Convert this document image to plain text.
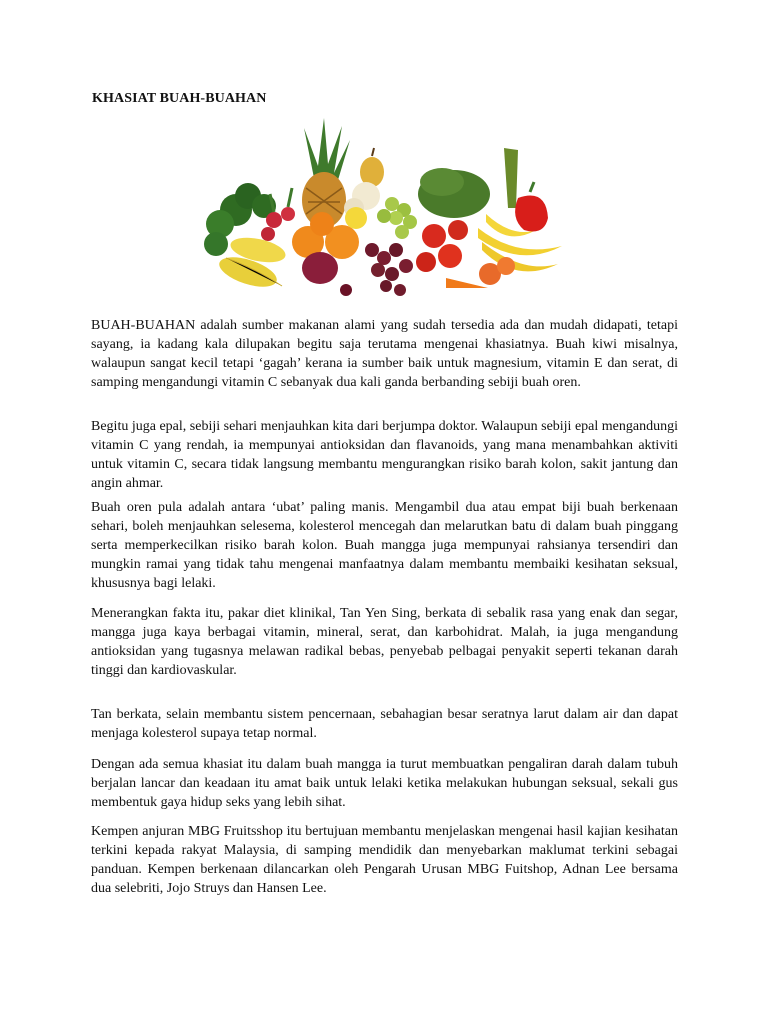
KHASIAT BUAH-BUAHAN

BUAH-BUAHAN adalah sumber makanan alami yang sudah tersedia ada dan mudah didapati, tetapi sayang, ia kadang kala dilupakan begitu saja terutama mengenai khasiatnya. Buah kiwi misalnya, walaupun sangat kecil tetapi ‘gagah’ kerana ia sumber baik untuk magnesium, vitamin E dan serat, di samping mengandungi vitamin C sebanyak dua kali ganda berbanding sebiji buah oren.

Begitu juga epal, sebiji sehari menjauhkan kita dari berjumpa doktor. Walaupun sebiji epal mengandungi vitamin C yang rendah, ia mempunyai antioksidan dan flavanoids, yang mana menambahkan aktiviti untuk vitamin C, secara tidak langsung membantu mengurangkan risiko barah kolon, sakit jantung dan angin ahmar.

Buah oren pula adalah antara ‘ubat’ paling manis. Mengambil dua atau empat biji buah berkenaan sehari, boleh menjauhkan selesema, kolesterol mencegah dan melarutkan batu di dalam buah pinggang serta memperkecilkan risiko barah kolon. Buah mangga juga mempunyai rahsianya tersendiri dan mungkin ramai yang tidak tahu mengenai manfaatnya dalam membantu membaiki kesihatan seksual, khususnya bagi lelaki.

Menerangkan fakta itu, pakar diet klinikal, Tan Yen Sing, berkata di sebalik rasa yang enak dan segar, mangga juga kaya berbagai vitamin, mineral, serat, dan karbohidrat. Malah, ia juga mengandung antioksidan yang tugasnya melawan radikal bebas, penyebab pelbagai penyakit seperti tekanan darah tinggi dan kardiovaskular.

Tan berkata, selain membantu sistem pencernaan, sebahagian besar seratnya larut dalam air dan dapat menjaga kolesterol supaya tetap normal.

Dengan ada semua khasiat itu dalam buah mangga ia turut membuatkan pengaliran darah dalam tubuh berjalan lancar dan keadaan itu amat baik untuk lelaki ketika melakukan hubungan seksual, sekali gus membentuk gaya hidup seks yang lebih sihat.

Kempen anjuran MBG Fruitsshop itu bertujuan membantu menjelaskan mengenai hasil kajian kesihatan terkini kepada rakyat Malaysia, di samping mendidik dan menyebarkan maklumat terkini sebagai panduan. Kempen berkenaan dilancarkan oleh Pengarah Urusan MBG Fuitshop, Adnan Lee bersama dua selebriti, Jojo Struys dan Hansen Lee.
